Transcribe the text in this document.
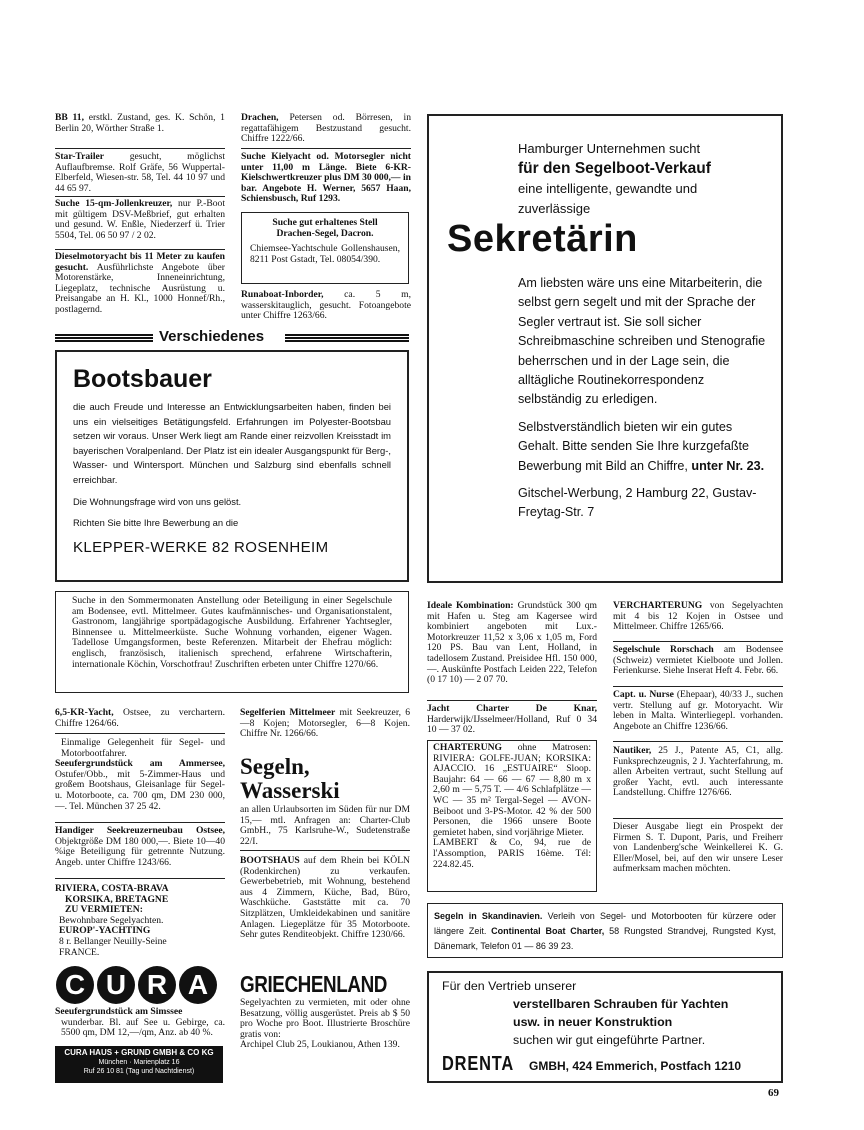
BB 11, erstkl. Zustand, ges. K. Schön, 1 Berlin 20, Wörther Straße 1.
Star-Trailer	gesucht, möglichst Auflaufbremse. Rolf Gräfe, 56 Wuppertal-Elberfeld, Wiesen-str. 58, Tel. 44 10 97 und 44 65 97.
Suche 15-qm-Jollenkreuzer, nur P.-Boot mit gültigem DSV-Meßbrief, gut erhalten und gesund. W. Enßle, Niederzerf ü. Trier 5504, Tel. 06 50 97 / 2 02.
Dieselmotoryacht bis 11 Meter zu kaufen gesucht. Ausführlichste Angebote über Motorenstärke, Inneneinrichtung, Liegeplatz, technische Ausrüstung u. Preisangabe an H. Kl., 1000 Honnef/Rh., postlagernd.
Drachen, Petersen od. Börresen, in regattafähigem Bestzustand gesucht. Chiffre 1222/66.
Suche Kielyacht od. Motorsegler nicht unter 11,00 m Länge. Biete 6-KR-Kielschwertkreuzer plus DM 30 000,— in bar. Angebote H. Werner, 5657 Haan, Schiensbusch, Ruf 1293.
Suche gut erhaltenes Stell
Drachen-Segel, Dacron.
Chiemsee-Yachtschule Gollenshausen, 8211 Post Gstadt, Tel. 08054/390.
Runaboat-Inborder, ca. 5 m, wasserskitauglich, gesucht. Fotoangebote unter Chiffre 1263/66.
Verschiedenes
Bootsbauer
die auch Freude und Interesse an Entwicklungsarbeiten haben, finden bei uns ein vielseitiges Betätigungsfeld. Erfahrungen im Polyester-Bootsbau setzen wir voraus. Unser Werk liegt am Rande einer reizvollen Kreisstadt im bayerischen Voralpenland. Der Platz ist ein idealer Ausgangspunkt für Berg-, Wasser- und Wintersport. München und Salzburg sind ebenfalls schnell erreichbar.
Die Wohnungsfrage wird von uns gelöst.
Richten Sie bitte Ihre Bewerbung an die
KLEPPER-WERKE 82 ROSENHEIM
Hamburger Unternehmen sucht
für den Segelboot-Verkauf
eine intelligente, gewandte und
zuverlässige
Sekretärin
Am liebsten wäre uns eine Mitarbeiterin, die selbst gern segelt und mit der Sprache der Segler vertraut ist. Sie soll sicher Schreibmaschine schreiben und Stenografie beherrschen und in der Lage sein, die alltägliche Routinekorrespondenz selbständig zu erledigen.
Selbstverständlich bieten wir ein gutes Gehalt. Bitte senden Sie Ihre kurzgefaßte Bewerbung mit Bild an Chiffre, unter Nr. 23.
Gitschel-Werbung, 2 Hamburg 22, Gustav-Freytag-Str. 7
Suche in den Sommermonaten Anstellung oder Beteiligung in einer Segelschule am Bodensee, evtl. Mittelmeer. Gutes kaufmännisches- und Organisationstalent, Gastronom, langjährige sportpädagogische Ausbildung. Erfahrener Yachtsegler, Binnensee u. Mittelmeerküste. Suche Wohnung vorhanden, eigener Wagen. Tadellose Umgangsformen, beste Referenzen. Mitarbeit der Ehefrau möglich: englisch, französisch, italienisch sprechend, erfahrene Wirtschafterin, internationale Köchin, Vorschotfrau! Zuschriften erbeten unter Chiffre 1270/66.
6,5-KR-Yacht, Ostsee, zu verchartern. Chiffre 1264/66.
Einmalige Gelegenheit für Segel- und Motorbootfahrer.
Seeufergrundstück am Ammersee, Ostufer/Obb., mit 5-Zimmer-Haus und großem Bootshaus, Gleisanlage für Segel- u. Motorboote, ca. 700 qm, DM 230 000,—. Tel. München 37 25 42.
Handiger Seekreuzerneubau Ostsee, Objektgröße DM 180 000,—. Biete 10—40 %ige Beteiligung für getrennte Nutzung. Angeb. unter Chiffre 1243/66.
RIVIERA, COSTA-BRAVA
KORSIKA, BRETAGNE
ZU VERMIETEN:
Bewohnbare Segelyachten.
EUROP'-YACHTING
8 r. Bellanger Neuilly-Seine
FRANCE.
C U R A
Seeufergrundstück am Simssee
wunderbar. Bl. auf See u. Gebirge, ca. 5500 qm, DM 12,—/qm, Anz. ab 40 %.
CURA HAUS + GRUND GMBH & CO KG
München · Marienplatz 16
Ruf 26 10 81 (Tag und Nachtdienst)
Segelferien Mittelmeer mit Seekreuzer, 6—8 Kojen; Motorsegler, 6—8 Kojen. Chiffre Nr. 1266/66.
Segeln,
Wasserski
an allen Urlaubsorten im Süden für nur DM 15,— mtl. Anfragen an: Charter-Club GmbH., 75 Karlsruhe-W., Sudetenstraße 22/I.
BOOTSHAUS auf dem Rhein bei KÖLN (Rodenkirchen) zu verkaufen. Gewerbebetrieb, mit Wohnung, bestehend aus 4 Zimmern, Küche, Bad, Büro, Waschküche. Gaststätte mit ca. 70 Sitzplätzen, Umkleidekabinen und sanitäre Anlagen. Liegeplätze für 35 Motorboote. Sehr gutes Renditeobjekt. Chiffre 1230/66.
GRIECHENLAND
Segelyachten zu vermieten, mit oder ohne Besatzung, völlig ausgerüstet. Preis ab $ 50 pro Woche pro Boot. Illustrierte Broschüre gratis von:
Archipel Club 25, Loukianou, Athen 139.
Ideale Kombination: Grundstück 300 qm mit Hafen u. Steg am Kagersee wird kombiniert angeboten mit Lux.-Motorkreuzer 11,52 x 3,06 x 1,05 m, Ford 120 PS. Bau van Lent, Holland, in tadellosem Zustand. Preisidee Hfl. 150 000,—. Auskünfte Postfach Leiden 222, Telefon (0 17 10) — 2 07 70.
Jacht Charter De Knar, Harderwijk/IJsselmeer/Holland, Ruf 0 34 10 — 37 02.
CHARTERUNG ohne Matrosen: RIVIERA: GOLFE-JUAN; KORSIKA: AJACCIO. 16 „ESTUAIRE“ Sloop. Baujahr: 64 — 66 — 67 — 8,80 m x 2,60 m — 5,75 T. — 4/6 Schlafplätze — WC — 35 m² Tergal-Segel — AVON-Beiboot und 3-PS-Motor. 42 % der 500 Personen, die 1966 unsere Boote gemietet haben, sind vorjährige Mieter.
LAMBERT & Co, 94, rue de l'Assomption, PARIS 16ème. Tél: 224.82.45.
VERCHARTERUNG von Segelyachten mit 4 bis 12 Kojen in Ostsee und Mittelmeer. Chiffre 1265/66.
Segelschule Rorschach am Bodensee (Schweiz) vermietet Kielboote und Jollen. Ferienkurse. Siehe Inserat Heft 4. Febr. 66.
Capt. u. Nurse (Ehepaar), 40/33 J., suchen vertr. Stellung auf gr. Motoryacht. Wir leben in Malta. Winterliegepl. vorhanden. Angebote an Chiffre 1236/66.
Nautiker, 25 J., Patente A5, C1, allg. Funksprechzeugnis, 2 J. Yachterfahrung, m. allen Arbeiten vertraut, sucht Stellung auf großer Yacht, evtl. auch interessante Landstellung. Chiffre 1276/66.
Dieser Ausgabe liegt ein Prospekt der Firmen S. T. Dupont, Paris, und Freiherr von Landenberg'sche Weinkellerei K. G. Eller/Mosel, bei, auf den wir unsere Leser aufmerksam machen möchten.
Segeln in Skandinavien. Verleih von Segel- und Motorbooten für kürzere oder längere Zeit. Continental Boat Charter, 58 Rungsted Strandvej, Rungsted Kyst, Dänemark, Telefon 01 — 86 39 23.
Für den Vertrieb unserer
verstellbaren Schrauben für Yachten
usw. in neuer Konstruktion
suchen wir gut eingeführte Partner.
DRENTA GMBH, 424 Emmerich, Postfach 1210
69
